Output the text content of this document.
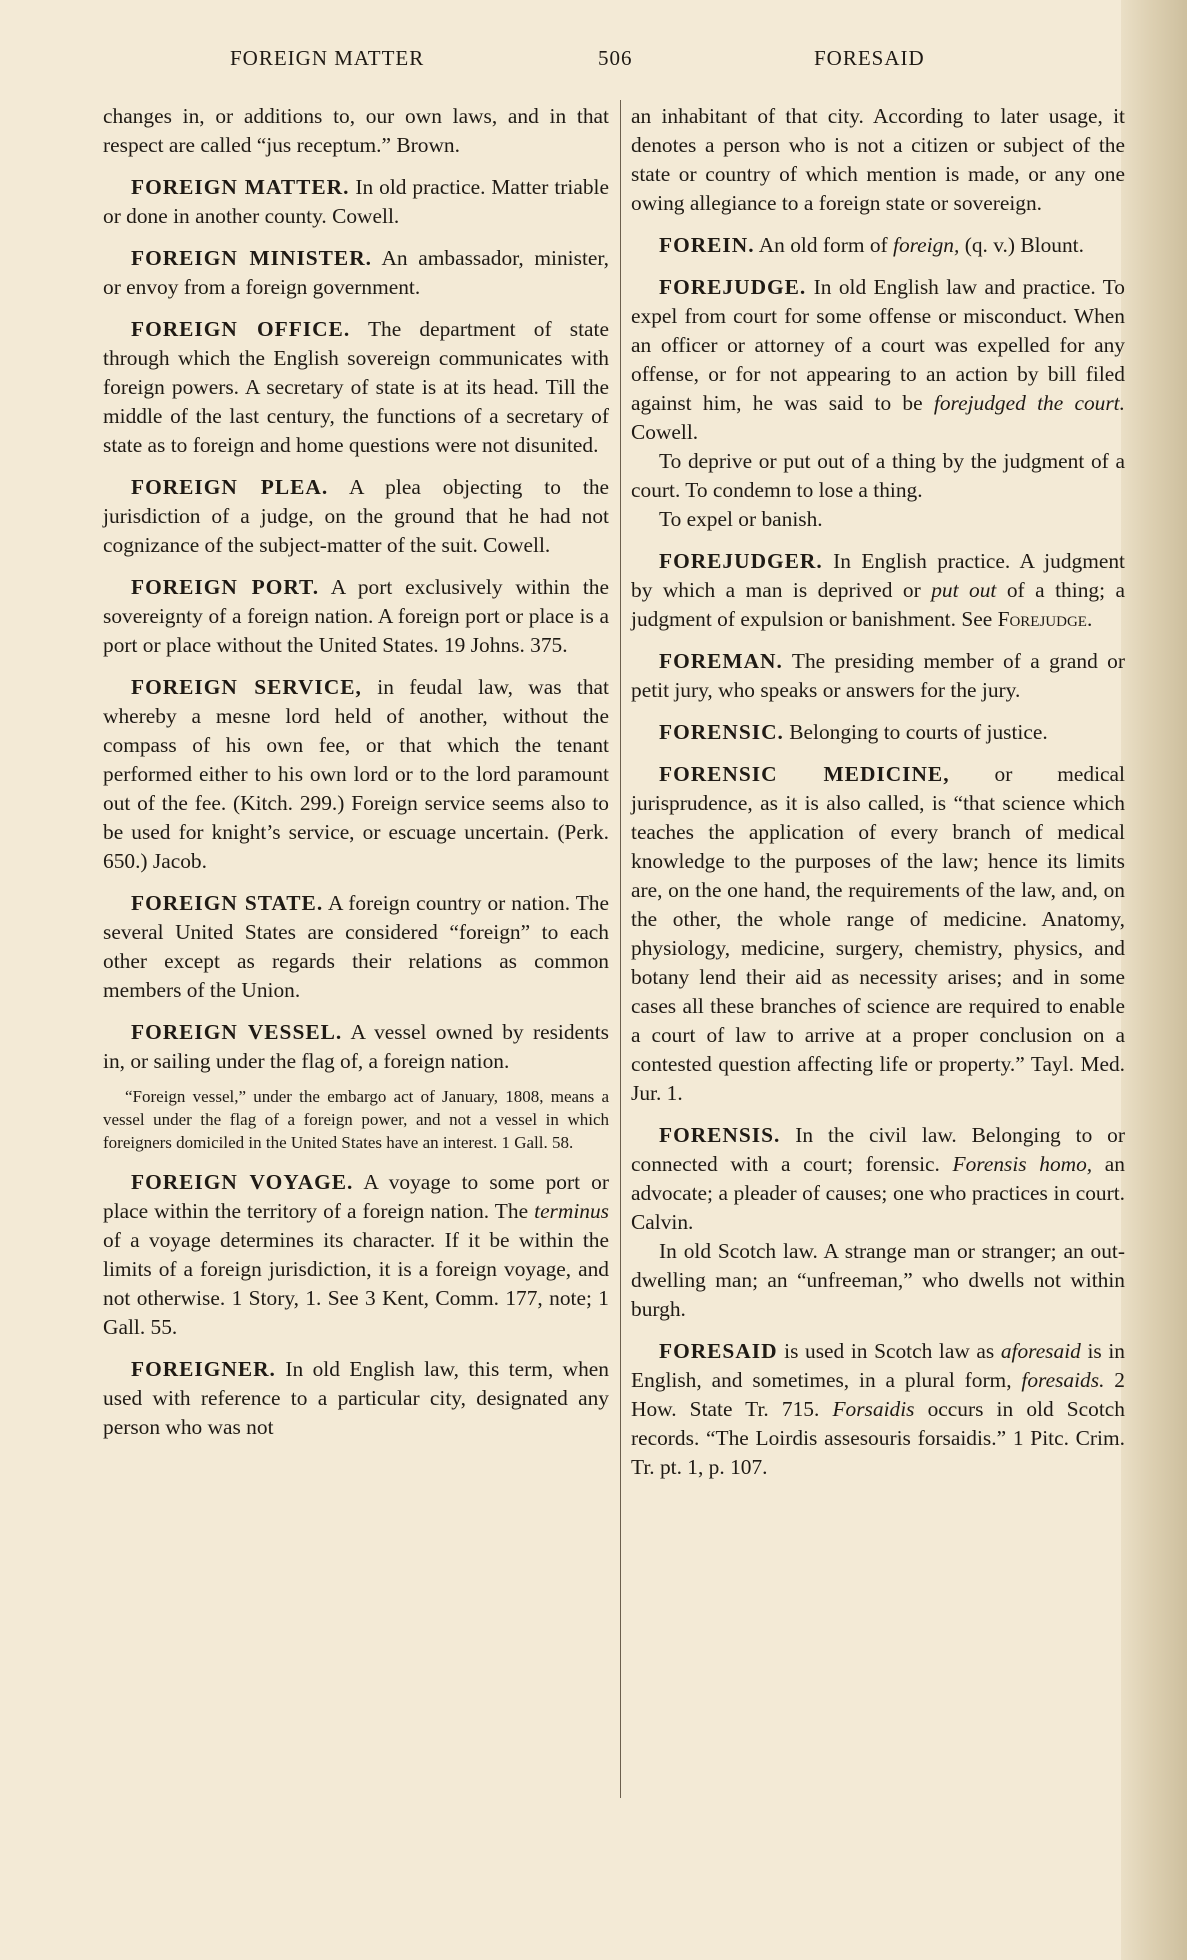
FOREIGN MATTER	506	FORESAID

changes in, or additions to, our own laws, and in that respect are called “jus receptum.” Brown.

FOREIGN MATTER. In old practice. Matter triable or done in another county. Cowell.

FOREIGN MINISTER. An ambassador, minister, or envoy from a foreign government.

FOREIGN OFFICE. The department of state through which the English sovereign communicates with foreign powers. A secretary of state is at its head. Till the middle of the last century, the functions of a secretary of state as to foreign and home questions were not disunited.

FOREIGN PLEA. A plea objecting to the jurisdiction of a judge, on the ground that he had not cognizance of the subject-matter of the suit. Cowell.

FOREIGN PORT. A port exclusively within the sovereignty of a foreign nation. A foreign port or place is a port or place without the United States. 19 Johns. 375.

FOREIGN SERVICE, in feudal law, was that whereby a mesne lord held of another, without the compass of his own fee, or that which the tenant performed either to his own lord or to the lord paramount out of the fee. (Kitch. 299.) Foreign service seems also to be used for knight’s service, or escuage uncertain. (Perk. 650.) Jacob.

FOREIGN STATE. A foreign country or nation. The several United States are considered “foreign” to each other except as regards their relations as common members of the Union.

FOREIGN VESSEL. A vessel owned by residents in, or sailing under the flag of, a foreign nation.

“Foreign vessel,” under the embargo act of January, 1808, means a vessel under the flag of a foreign power, and not a vessel in which foreigners domiciled in the United States have an interest. 1 Gall. 58.

FOREIGN VOYAGE. A voyage to some port or place within the territory of a foreign nation. The terminus of a voyage determines its character. If it be within the limits of a foreign jurisdiction, it is a foreign voyage, and not otherwise. 1 Story, 1. See 3 Kent, Comm. 177, note; 1 Gall. 55.

FOREIGNER. In old English law, this term, when used with reference to a particular city, designated any person who was not

an inhabitant of that city. According to later usage, it denotes a person who is not a citizen or subject of the state or country of which mention is made, or any one owing allegiance to a foreign state or sovereign.

FOREIN. An old form of foreign, (q. v.) Blount.

FOREJUDGE. In old English law and practice. To expel from court for some offense or misconduct. When an officer or attorney of a court was expelled for any offense, or for not appearing to an action by bill filed against him, he was said to be forejudged the court. Cowell.

To deprive or put out of a thing by the judgment of a court. To condemn to lose a thing.

To expel or banish.

FOREJUDGER. In English practice. A judgment by which a man is deprived or put out of a thing; a judgment of expulsion or banishment. See Forejudge.

FOREMAN. The presiding member of a grand or petit jury, who speaks or answers for the jury.

FORENSIC. Belonging to courts of justice.

FORENSIC MEDICINE, or medical jurisprudence, as it is also called, is “that science which teaches the application of every branch of medical knowledge to the purposes of the law; hence its limits are, on the one hand, the requirements of the law, and, on the other, the whole range of medicine. Anatomy, physiology, medicine, surgery, chemistry, physics, and botany lend their aid as necessity arises; and in some cases all these branches of science are required to enable a court of law to arrive at a proper conclusion on a contested question affecting life or property.” Tayl. Med. Jur. 1.

FORENSIS. In the civil law. Belonging to or connected with a court; forensic. Forensis homo, an advocate; a pleader of causes; one who practices in court. Calvin.

In old Scotch law. A strange man or stranger; an out-dwelling man; an “unfreeman,” who dwells not within burgh.

FORESAID is used in Scotch law as aforesaid is in English, and sometimes, in a plural form, foresaids. 2 How. State Tr. 715. Forsaidis occurs in old Scotch records. “The Loirdis assesouris forsaidis.” 1 Pitc. Crim. Tr. pt. 1, p. 107.
